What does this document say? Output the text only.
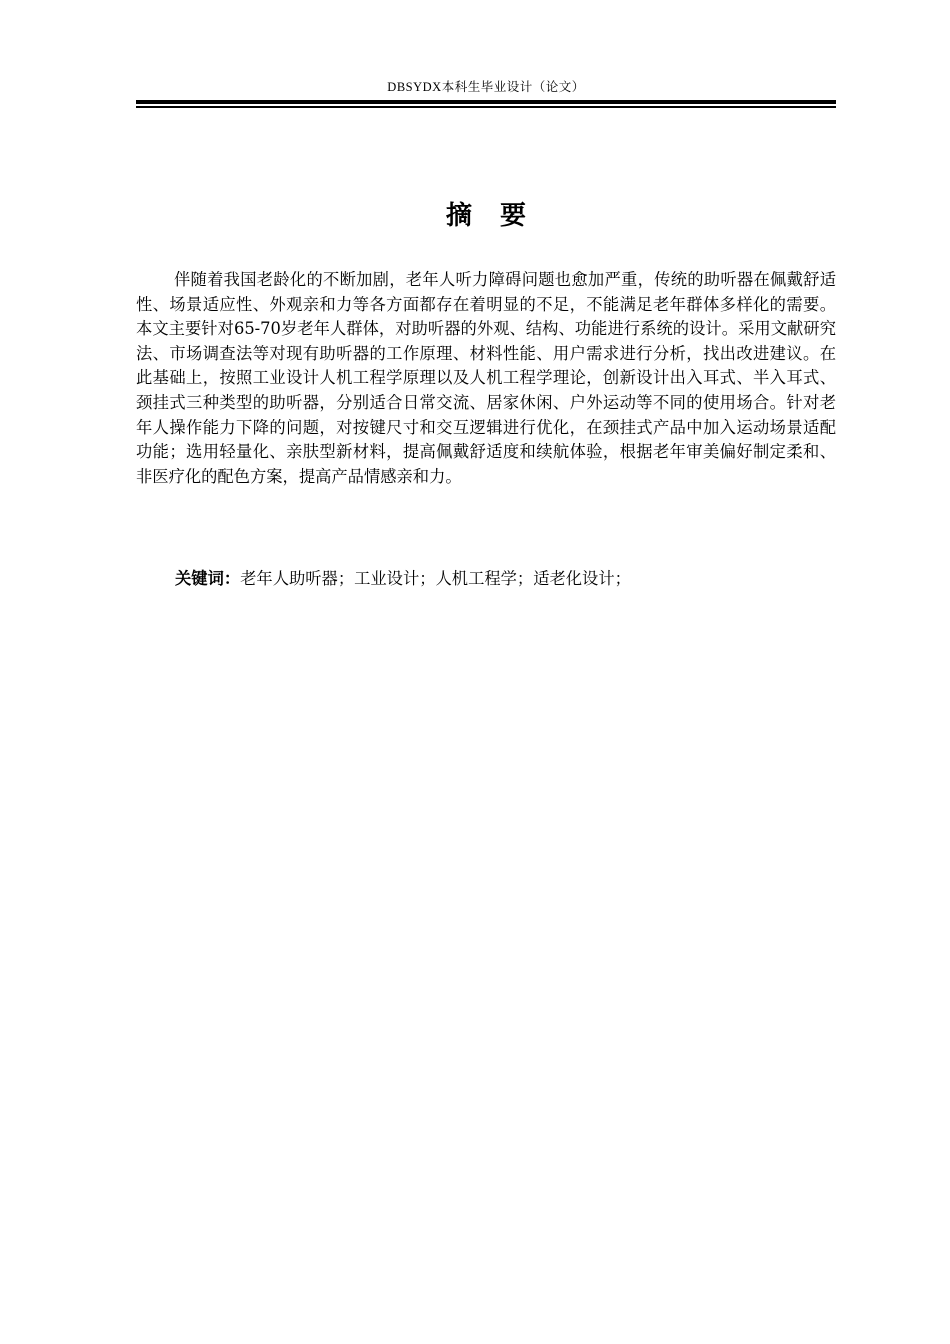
DBSYDX本科生毕业设计（论文）
摘要

伴随着我国老龄化的不断加剧，老年人听力障碍问题也愈加严重，传统的助听器在佩戴舒适性、场景适应性、外观亲和力等各方面都存在着明显的不足，不能满足老年群体多样化的需要。本文主要针对65-70岁老年人群体，对助听器的外观、结构、功能进行系统的设计。采用文献研究法、市场调查法等对现有助听器的工作原理、材料性能、用户需求进行分析，找出改进建议。在此基础上，按照工业设计人机工程学原理以及人机工程学理论，创新设计出入耳式、半入耳式、颈挂式三种类型的助听器，分别适合日常交流、居家休闲、户外运动等不同的使用场合。针对老年人操作能力下降的问题，对按键尺寸和交互逻辑进行优化，在颈挂式产品中加入运动场景适配功能；选用轻量化、亲肤型新材料，提高佩戴舒适度和续航体验，根据老年审美偏好制定柔和、非医疗化的配色方案，提高产品情感亲和力。

关键词：老年人助听器；工业设计；人机工程学；适老化设计；
